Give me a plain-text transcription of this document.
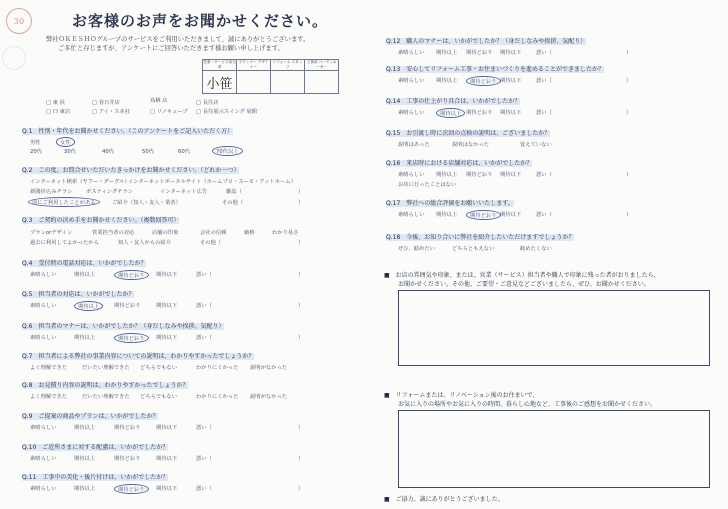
30	お客様のお声をお聞かせください。
弊社ＯＫＥＳＨＯグループのサービスをご利用いただきまして、誠にありがとうございます。
ご多忙と存じますが、アンケートにご回答いただきます様お願い申し上げます。
営業・サービス担当者	プランナー デザイナー	リフォーム スタッフ	工事部 コーディネーター
小笹			
□ 東 浜	□ 春日井店	鳥栖 店	□ 長住店
□ 曰 東店	□ アイ・ス本社	□ リノキューブ □ 長住展示スイング 展館
Q.1　性別・年代をお聞かせください。（このアンケートをご記入いただく方）
男性
20代
女性
30代	40代	50代	60代	70代以上
Q.2　この度、お問合せいただいたきっかけをお聞かせください。（どれか一つ）
インターネット検索（ヤフー・グーグル）
インターネットポータルサイト（ホームプロ・スーモ・アットホーム）
新聞折込みチラシ	ポスティングチラシ	インターネット広告	雑誌（	）
前にご利用したことがある	ご紹介（知人・友人・業者）	その他（	）
Q.3　ご契約の決め手をお聞かせください。（複数回答可）
プランorデザイン	営業担当者の対応	店舗の印象	会社の信頼	価格	わかり易さ
過去に利用してよかったから	知人・友人からの紹介	その他（	）
Q.4　受付時の電話対応は、いかがでしたか？
素晴らしい	期待以上	期待どおり	期待以下	悪い（	）
Q.5　担当者の対応は、いかがでしたか？
素晴らしい	期待以上	期待どおり	期待以下	悪い（	）
Q.6　担当者のマナーは、いかがでしたか？（身だしなみや挨拶、気配り）
素晴らしい	期待以上	期待どおり	期待以下	悪い（	）
Q.7　担当者による弊社の事業内容についての説明は、わかりやすかったでしょうか？
よく理解できた	だいたい理解できた どちらでもない	わかりにくかった 説明がなかった
Q.8　お見積り内容の説明は、わかりやすかったでしょうか？
よく理解できた	だいたい理解できた どちらでもない	わかりにくかった 説明がなかった
Q.9　ご提案の商品やプランは、いかがでしたか？
素晴らしい	期待以上	期待どおり	期待以下	悪い（	）
Q.10　ご近所さまに対する配慮は、いかがでしたか？
素晴らしい	期待以上	期待どおり	期待以下	悪い（	）
Q.11　工事中の美化・後片付けは、いかがでしたか？
素晴らしい	期待以上	期待どおり	期待以下	悪い（	）
Q.12　職人のマナーは、いかがでしたか？（身だしなみや挨拶、気配り）
素晴らしい 期待以上 期待どおり 期待以下	悪い（	）
Q.13　安心してリフォーム工事・お住まいづくりを進めることができましたか？
素晴らしい 期待以上	期待どおり 期待以下	悪い（	）
Q.14　工事の仕上がり具合は、いかがでしたか？
素晴らしい	期待以上 期待どおり 期待以下	悪い（	）
Q.15　お引渡し時に次回の点検の説明は、ございましたか？
説明はあった	説明はなかった	覚えていない
Q.16　来店時における店舗対応は、いかがでしたか？
素晴らしい 期待以上 期待どおり 期待以下	悪い（	）
お店に行ったことはない
Q.17　弊社への総合評価をお願いいたします。
素晴らしい 期待以上	期待どおり 期待以下	悪い（	）
Q.18　今後、お知り合いに弊社を紹介したいただけますでしょうか？
ぜひ、勧めたい	どちらともえない	勧めたくない
■　お店の雰囲気や印象、または、営業（サービス）担当者や職人で印象に残った者がおりましたら、
お聞かせください。その他、ご要望・ご意見などございましたら、ぜひ、お聞かせください。
■　リフォームまたは、リノベーション後のお住まいで、
お気に入りの場所やお気に入りの時間、暮らし心地など、工事後のご感想をお聞かせください。
■　ご協力、誠にありがとうございました。
